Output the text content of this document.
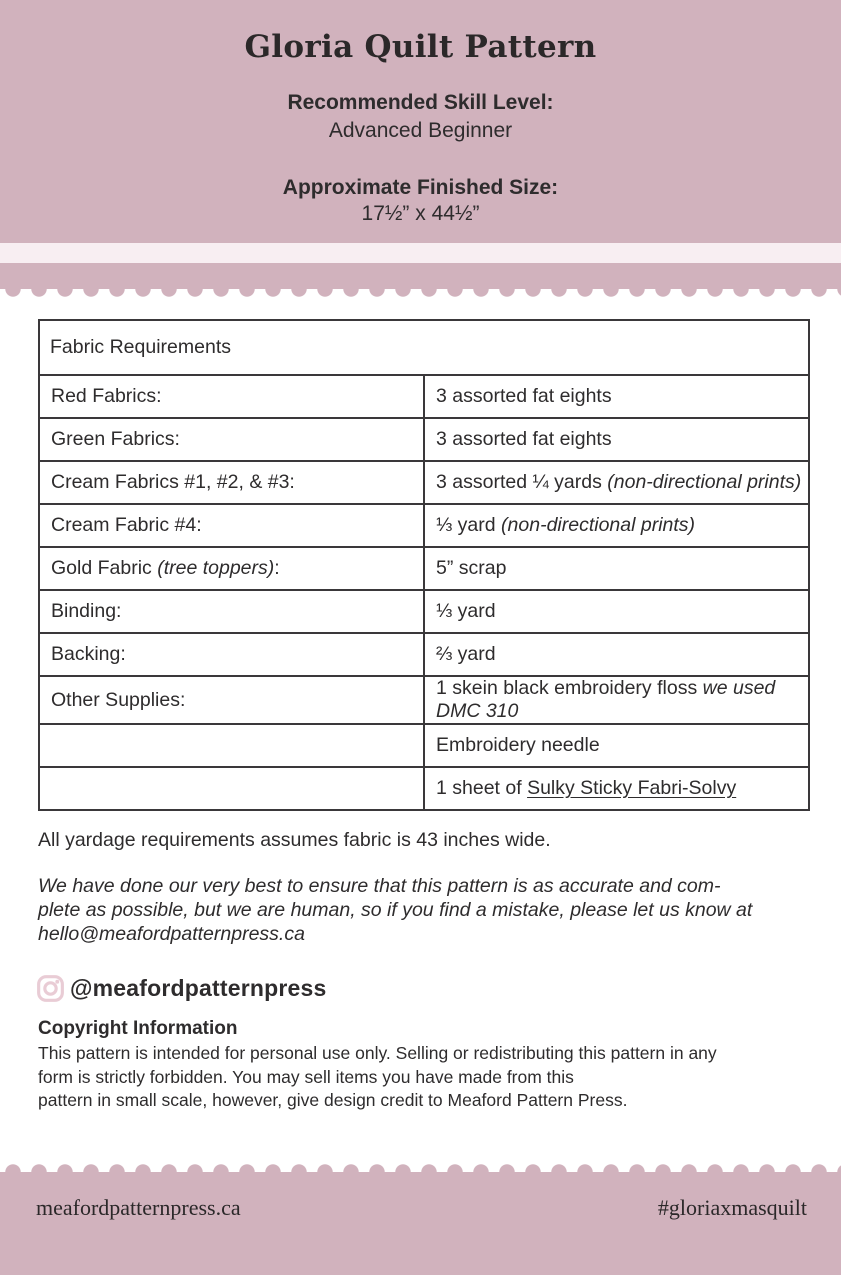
Gloria Quilt Pattern
Recommended Skill Level:
Advanced Beginner
Approximate Finished Size:
17½” x 44½”
Fabric Requirements	
Red Fabrics:	3 assorted fat eights
Green Fabrics:	3 assorted fat eights
Cream Fabrics #1, #2, & #3:	3 assorted ¼ yards (non-directional prints)
Cream Fabric #4:	⅓ yard (non-directional prints)
Gold Fabric (tree toppers):	5” scrap
Binding:	⅓ yard
Backing:	⅔ yard
Other Supplies:	1 skein black embroidery floss we used DMC 310
	Embroidery needle
	1 sheet of Sulky Sticky Fabri-Solvy
All yardage requirements assumes fabric is 43 inches wide.
We have done our very best to ensure that this pattern is as accurate and com-
plete as possible, but we are human, so if you find a mistake, please let us know at
hello@meafordpatternpress.ca
@meafordpatternpress
Copyright Information
This pattern is intended for personal use only. Selling or redistributing this pattern in any
form is strictly forbidden. You may sell items you have made from this
pattern in small scale, however, give design credit to Meaford Pattern Press.
meafordpatternpress.ca	#gloriaxmasquilt
